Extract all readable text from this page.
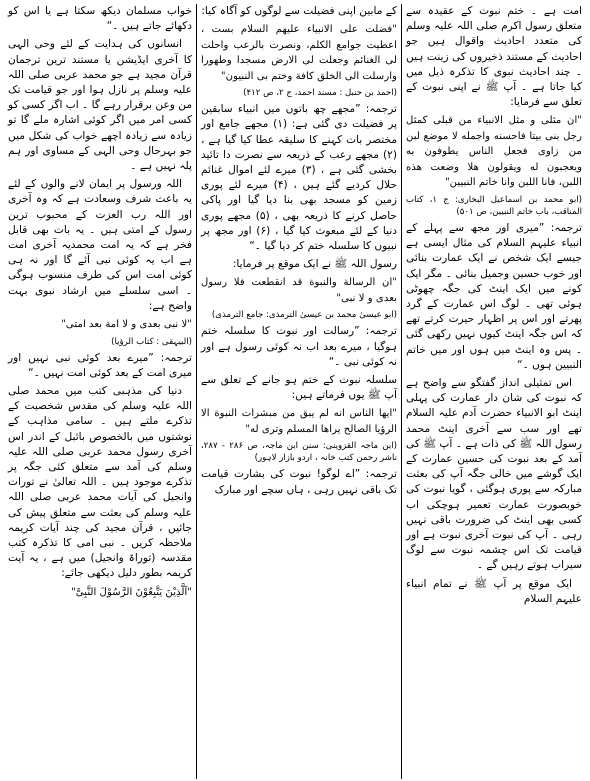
خواب مسلمان دیکھ سکتا ہے یا اس کو دکھائے جاتے ہیں ۔“

انسانوں کی ہدایت کے لئے وحی الہی کا آخری ایڈیشن یا مستند ترین ترجمان قرآن مجید ہے جو محمد عربی صلی اللہ علیہ وسلم پر نازل ہوا اور جو قیامت تک من وعن برقرار رہے گا ۔ اب اگر کسی کو کسی امر میں اگر کوئی اشارہ ملے گا تو زیادہ سے زیادہ اچھے خواب کی شکل میں جو بہرحال وحی الہی کے مساوی اور ہم پلہ نہیں ہے ۔

اللہ ورسول پر ایمان لانے والوں کے لئے یہ باعث شرف وسعادت ہے کہ وہ آخری اور اللہ رب العزت کے محبوب ترین رسول کے امتی ہیں ۔ یہ بات بھی قابل فخر ہے کہ یہ امت محمدیہ آخری امت ہے اب یہ کوئی نبی آئے گا اور نہ ہی کوئی امت اس کی طرف منسوب ہوگی ۔ اسی سلسلے میں ارشاد نبوی بہت واضح ہے:

"لا نبی بعدی و لا امة بعد امتی"

(البیہقی : کتاب الرؤیا)

ترجمہ: ”میرے بعد کوئی نبی نہیں اور میری امت کے بعد کوئی امت نہیں ۔“

دنیا کی مذہبی کتب میں محمد صلی اللہ علیہ وسلم کی مقدس شخصیت کے تذکرے ملتے ہیں ۔ سامی مذاہب کے نوشتوں میں بالخصوص بائبل کے اندر اس آخری رسول محمد عربی صلی اللہ علیہ وسلم کی آمد سے متعلق کئی جگہ پر تذکرے موجود ہیں ۔ اللہ تعالیٰ نے تورات وانجیل کی آیات محمد عربی صلی اللہ علیہ وسلم کی بعثت سے متعلق پیش کی جائیں ، قرآن مجید کی چند آیات کریمہ ملاحظہ کریں ۔ نبی امی کا تذکرہ کتب مقدسہ (توراۃ وانجیل) میں ہے ، یہ آیت کریمہ بطور دلیل دیکھی جائے:

"اَلَّذِیْنَ یَتَّبِعُوْنَ الرَّسُوْلَ النَّبِیَّ"

کے مابین اپنی فضیلت سے لوگوں کو آگاہ کیا:

"فضلت علی الانبیاء علیهم السلام بست ، اعطیت جوامع الکلم، ونصرت بالرعب واحلت لی الغنائم وجعلت لی الارض مسجدا وطهورا وارسلت الی الخلق کافة وختم بی النبیون"

(احمد بن حنبل : مسند احمد، ج ۲، ص ۴۱۲)

ترجمہ: ”مجھے چھ باتوں میں انبیاء سابقین پر فضیلت دی گئی ہے: (۱) مجھے جامع اور مختصر بات کہنے کا سلیقہ عطا کیا گیا ہے ، (۲) مجھے رعب کے ذریعہ سے نصرت دا تائید بخشی گئی ہے ، (۳) میرے لئے اموال غنائم حلال کردیے گئے ہیں ، (۴) میرے لئے پوری زمین کو مسجد بھی بنا دیا گیا اور پاکی حاصل کرنے کا ذریعہ بھی ، (۵) مجھے پوری دنیا کے لئے مبعوث کیا گیا ، (۶) اور مجھ پر نبیوں کا سلسلہ ختم کر دیا گیا ۔“

رسول اللہ ﷺ نے ایک موقع پر فرمایا:

"ان الرسالة والنبوة قد انقطعت فلا رسول بعدی و لا نبی"

(ابو عیسیٰ محمد بن عیسیٰ الترمذی: جامع الترمذی)

ترجمہ: ”رسالت اور نبوت کا سلسلہ ختم ہوگیا ، میرے بعد اب نہ کوئی رسول ہے اور نہ کوئی نبی ۔“

سلسلہ نبوت کے ختم ہو جانے کے تعلق سے آپ ﷺ یوں فرماتے ہیں:

"ایها الناس انه لم یبق من مبشرات النبوة الا الرؤیا الصالح یراها المسلم وتری له"

(ابن ماجہ القزوینی: سنن ابن ماجہ، ص ۲۸۶ - ۲۸۷، ناشر رحمن کتب خانہ ، اردو بازار لاہور)

ترجمہ: ”اے لوگو! نبوت کی بشارت قیامت تک باقی نہیں رہی ، ہاں سچے اور مبارک

امت ہے ۔ ختم نبوت کے عقیدہ سے متعلق رسول اکرم صلی اللہ علیہ وسلم کی متعدد احادیث واقوال ہیں جو احادیث کے مستند ذخیروں کی زینت ہیں ۔ چند احادیث نبوی کا تذکرہ ذیل میں کیا جاتا ہے ۔ آپ ﷺ نے اپنی نبوت کے تعلق سے فرمایا:

"ان مثلی و مثل الانبیاء من قبلی کمثل رجل بنی بیتا فاحسنه واجمله لا موضع لبن من زاوی فجعل الناس یطوفون به ویعجبون له ویقولون هلا وضعت هذه اللبن، فانا اللبن وانا خاتم النبیین"

(ابو محمد بن اسماعیل البخاری: ج ۱، کتاب المناقب، باب خاتم النبیین، ص ۵۰۱)

ترجمہ: ”میری اور مجھ سے پہلے کے انبیاء علیہم السلام کی مثال ایسی ہے جیسے ایک شخص نے ایک عمارت بنائی اور خوب حسین وجمیل بنائی ۔ مگر ایک کونے میں ایک اینٹ کی جگہ چھوٹی ہوئی تھی ۔ لوگ اس عمارت کے گرد پھرتے اور اس پر اظہار حیرت کرتے تھے کہ اس جگہ اینٹ کیوں نہیں رکھی گئی ۔ پس وہ اینٹ میں ہوں اور میں خاتم النبیین ہوں ۔“

اس تمثیلی انداز گفتگو سے واضح ہے کہ نبوت کی شان دار عمارت کی پہلی اینٹ ابو الانبیاء حضرت آدم علیہ السلام تھے اور سب سے آخری اینٹ محمد رسول اللہ ﷺ کی ذات ہے ۔ آپ ﷺ کی آمد کے بعد نبوت کی حسین عمارت کے ایک گوشے میں خالی جگہ آپ کی بعثت مبارکہ سے پوری ہوگئی ، گویا نبوت کی خوبصورت عمارت تعمیر ہوچکی اب کسی بھی اینٹ کی ضرورت باقی نہیں رہی ۔ آپ کی نبوت آخری نبوت ہے اور قیامت تک اس چشمہ نبوت سے لوگ سیراب ہوتے رہیں گے ۔

ایک موقع پر آپ ﷺ نے تمام انبیاء علیہم السلام
